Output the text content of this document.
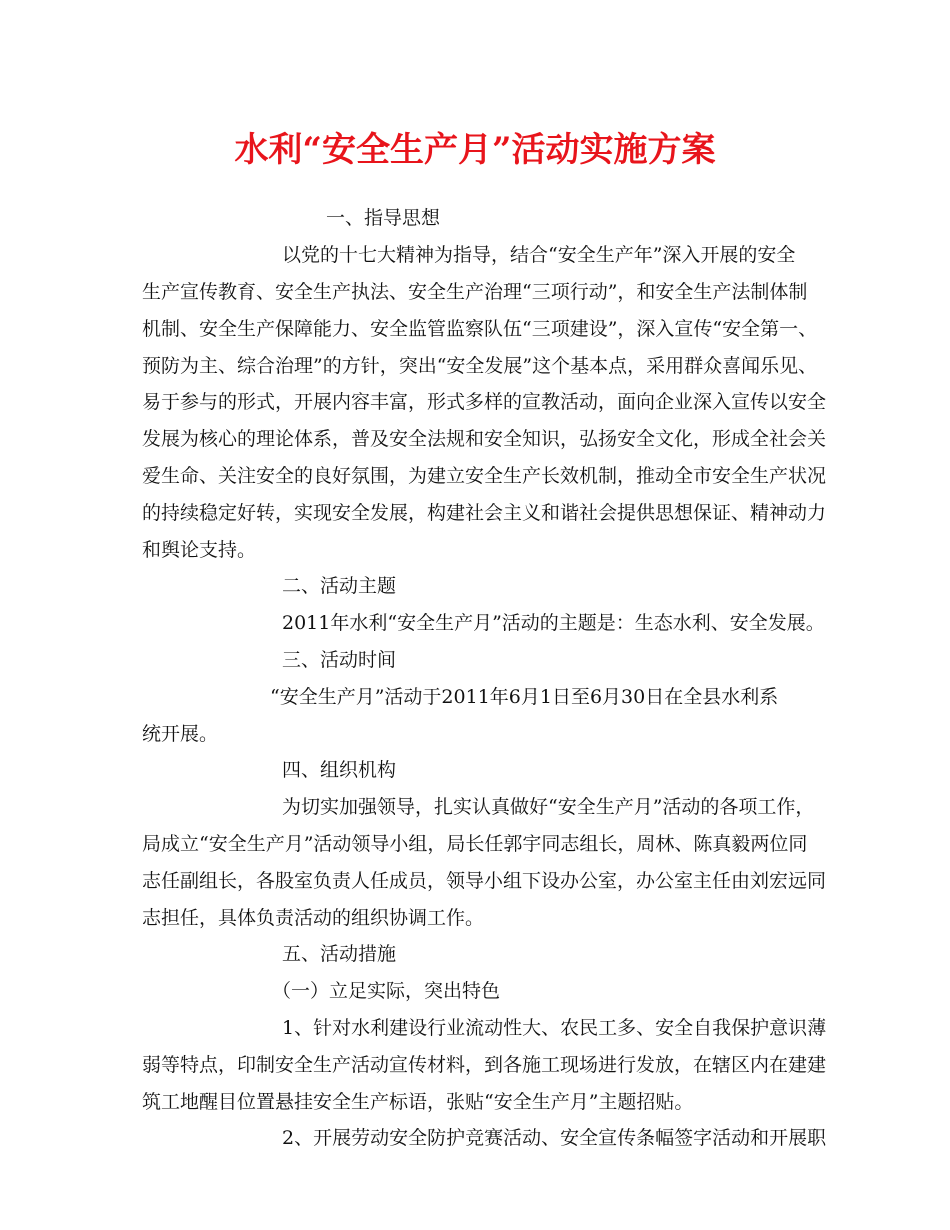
水利“安全生产月”活动实施方案
一、指导思想
以党的十七大精神为指导，结合“安全生产年”深入开展的安全
生产宣传教育、安全生产执法、安全生产治理“三项行动”，和安全生产法制体制
机制、安全生产保障能力、安全监管监察队伍“三项建设”，深入宣传“安全第一、
预防为主、综合治理”的方针，突出“安全发展”这个基本点，采用群众喜闻乐见、
易于参与的形式，开展内容丰富，形式多样的宣教活动，面向企业深入宣传以安全
发展为核心的理论体系，普及安全法规和安全知识，弘扬安全文化，形成全社会关
爱生命、关注安全的良好氛围，为建立安全生产长效机制，推动全市安全生产状况
的持续稳定好转，实现安全发展，构建社会主义和谐社会提供思想保证、精神动力
和舆论支持。
二、活动主题
2011年水利“安全生产月”活动的主题是：生态水利、安全发展。
三、活动时间
“安全生产月”活动于2011年6月1日至6月30日在全县水利系
统开展。
四、组织机构
为切实加强领导，扎实认真做好“安全生产月”活动的各项工作，
局成立“安全生产月”活动领导小组，局长任郭宇同志组长，周林、陈真毅两位同
志任副组长，各股室负责人任成员，领导小组下设办公室，办公室主任由刘宏远同
志担任，具体负责活动的组织协调工作。
五、活动措施
（一）立足实际，突出特色
1、针对水利建设行业流动性大、农民工多、安全自我保护意识薄
弱等特点，印制安全生产活动宣传材料，到各施工现场进行发放，在辖区内在建建
筑工地醒目位置悬挂安全生产标语，张贴“安全生产月”主题招贴。
2、开展劳动安全防护竞赛活动、安全宣传条幅签字活动和开展职
